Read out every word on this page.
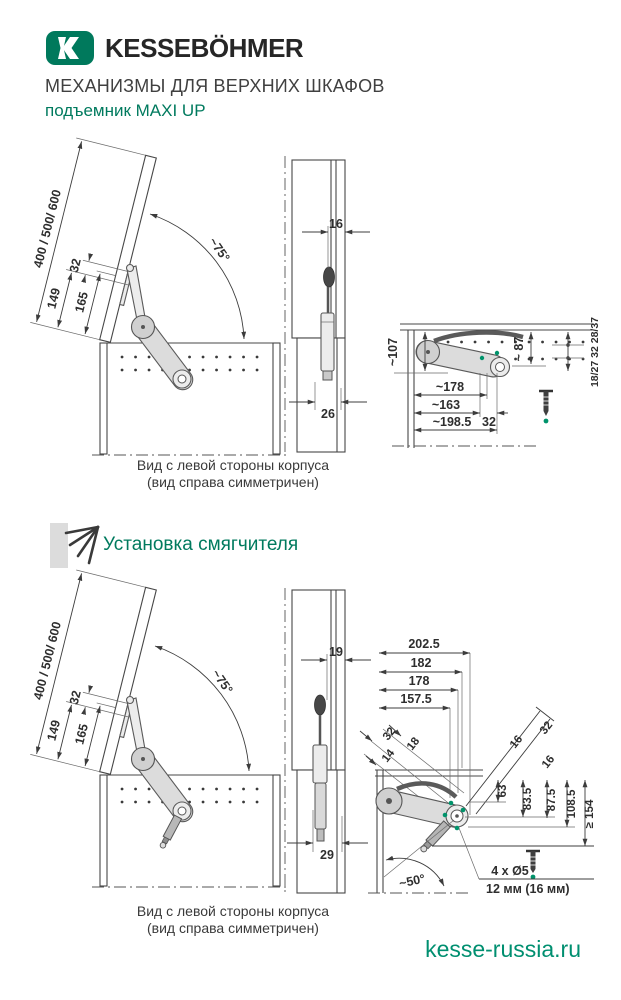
KESSEBÖHMER
МЕХАНИЗМЫ ДЛЯ ВЕРХНИХ ШКАФОВ
подъемник MAXI UP
400 / 500/ 600
149 165
32
~75°
16
26
~107	~ 87	18/27 32 28/37
~178
~163
32
~198.5
Вид с левой стороны корпуса
(вид справа симметричен)
Установка смягчителя
400 / 500/ 600
149 165
32
~75°
19
29
202.5
182
178
157.5
32
18
14
16
32
16
63 83.5 87.5 108.5 ≥ 154
~50°
4 x Ø5
12 мм (16 мм)
Вид с левой стороны корпуса
(вид справа симметричен)
kesse-russia.ru
